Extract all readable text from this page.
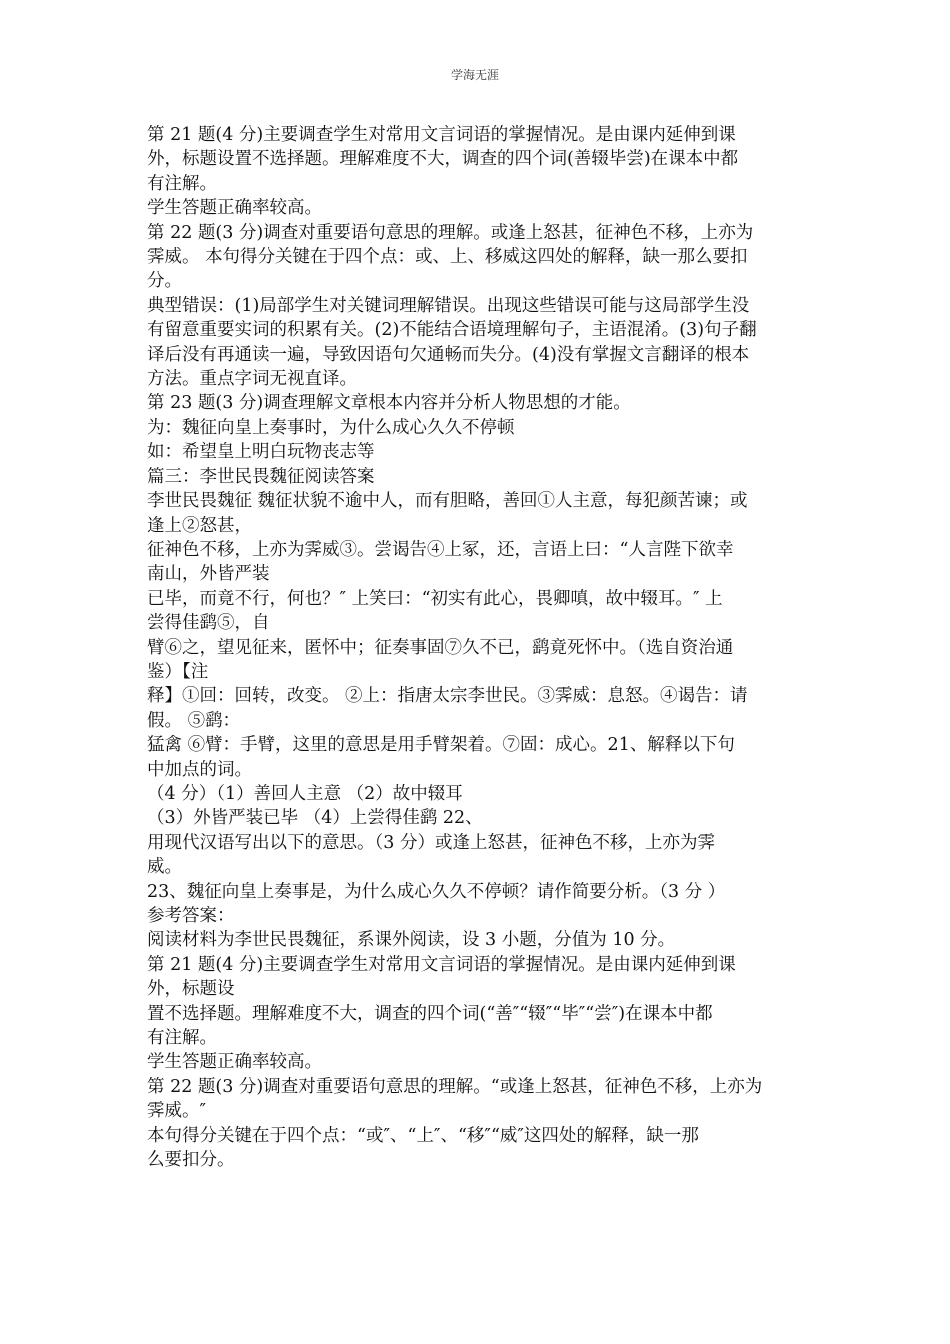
学海无涯
第 21 题(4 分)主要调查学生对常用文言词语的掌握情况。是由课内延伸到课
外，标题设置不选择题。理解难度不大，调查的四个词(善辍毕尝)在课本中都
有注解。
学生答题正确率较高。
第 22 题(3 分)调查对重要语句意思的理解。或逢上怒甚，征神色不移，上亦为
霁威。 本句得分关键在于四个点：或、上、移威这四处的解释，缺一那么要扣
分。
典型错误：(1)局部学生对关键词理解错误。出现这些错误可能与这局部学生没
有留意重要实词的积累有关。(2)不能结合语境理解句子，主语混淆。(3)句子翻
译后没有再通读一遍，导致因语句欠通畅而失分。(4)没有掌握文言翻译的根本
方法。重点字词无视直译。
第 23 题(3 分)调查理解文章根本内容并分析人物思想的才能。
为：魏征向皇上奏事时，为什么成心久久不停顿
如：希望皇上明白玩物丧志等
篇三：李世民畏魏征阅读答案
李世民畏魏征 魏征状貌不逾中人，而有胆略，善回①人主意，每犯颜苦谏；或
逢上②怒甚，
征神色不移，上亦为霁威③。尝谒告④上冢，还，言语上曰：“人言陛下欲幸
南山，外皆严装
已毕，而竟不行，何也？″ 上笑曰：“初实有此心，畏卿嗔，故中辍耳。″ 上
尝得佳鹞⑤，自
臂⑥之，望见征来，匿怀中；征奏事固⑦久不已，鹞竟死怀中。（选自资治通
鉴）【注
释】①回：回转，改变。 ②上：指唐太宗李世民。③霁威：息怒。④谒告：请
假。 ⑤鹞：
猛禽 ⑥臂：手臂，这里的意思是用手臂架着。⑦固：成心。21、解释以下句
中加点的词。
（4 分）（1）善回人主意 （2）故中辍耳
（3）外皆严装已毕 （4）上尝得佳鹞 22、
用现代汉语写出以下的意思。（3 分）或逢上怒甚，征神色不移，上亦为霁
威。
23、魏征向皇上奏事是，为什么成心久久不停顿？请作简要分析。（3 分 ）
参考答案：
阅读材料为李世民畏魏征，系课外阅读，设 3 小题，分值为 10 分。
第 21 题(4 分)主要调查学生对常用文言词语的掌握情况。是由课内延伸到课
外，标题设
置不选择题。理解难度不大，调查的四个词(“善″“辍″“毕″“尝″)在课本中都
有注解。
学生答题正确率较高。
第 22 题(3 分)调查对重要语句意思的理解。“或逢上怒甚，征神色不移，上亦为
霁威。″
本句得分关键在于四个点：“或″、“上″、“移″“威″这四处的解释，缺一那
么要扣分。
